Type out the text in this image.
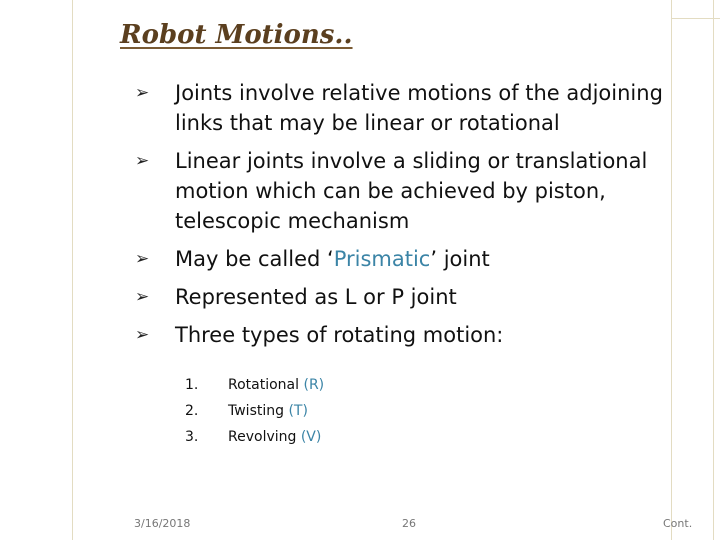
Robot Motions..
➢	Joints involve relative motions of the adjoining links that may be linear or rotational
➢	Linear joints involve a sliding or translational motion which can be achieved by piston, telescopic mechanism
➢	May be called ‘Prismatic’ joint
➢	Represented as L or P joint
➢	Three types of rotating motion:
1.	Rotational (R)
2.	Twisting (T)
3.	Revolving (V)
3/16/2018	26	Cont.
